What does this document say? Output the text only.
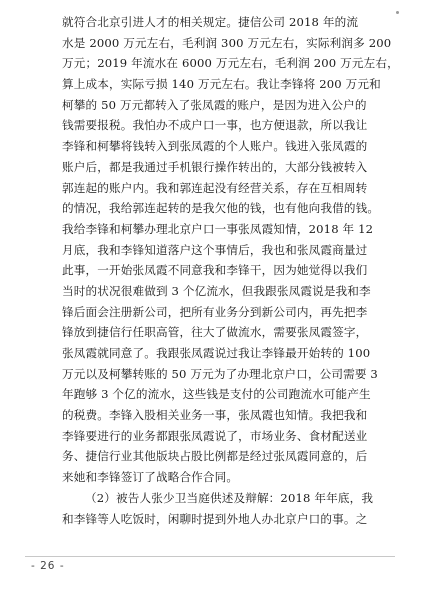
就符合北京引进人才的相关规定。捷信公司 2018 年的流
水是 2000 万元左右，毛利润 300 万元左右，实际利润多 200
万元；2019 年流水在 6000 万元左右，毛利润 200 万元左右，
算上成本，实际亏损 140 万元左右。我让李锋将 200 万元和
柯攀的 50 万元都转入了张凤霞的账户，是因为进入公户的
钱需要报税。我怕办不成户口一事，也方便退款，所以我让
李锋和柯攀将钱转入到张凤霞的个人账户。钱进入张凤霞的
账户后，都是我通过手机银行操作转出的，大部分钱被转入
郭连起的账户内。我和郭连起没有经营关系，存在互相周转
的情况，我给郭连起转的是我欠他的钱，也有他向我借的钱。
我给李锋和柯攀办理北京户口一事张凤霞知情，2018 年 12
月底，我和李锋知道落户这个事情后，我也和张凤霞商量过
此事，一开始张凤霞不同意我和李锋干，因为她觉得以我们
当时的状况很难做到 3 个亿流水，但我跟张凤霞说是我和李
锋后面会注册新公司，把所有业务分到新公司内，再先把李
锋放到捷信行任职高管，往大了做流水，需要张凤霞签字，
张凤霞就同意了。我跟张凤霞说过我让李锋最开始转的 100
万元以及柯攀转账的 50 万元为了办理北京户口，公司需要 3
年跑够 3 个亿的流水，这些钱是支付的公司跑流水可能产生
的税费。李锋入股相关业务一事，张凤霞也知情。我把我和
李锋要进行的业务都跟张凤霞说了，市场业务、食材配送业
务、捷信行业其他版块占股比例都是经过张凤霞同意的，后
来她和李锋签订了战略合作合同。
（2）被告人张少卫当庭供述及辩解：2018 年年底，我
和李锋等人吃饭时，闲聊时提到外地人办北京户口的事。之
- 26 -
